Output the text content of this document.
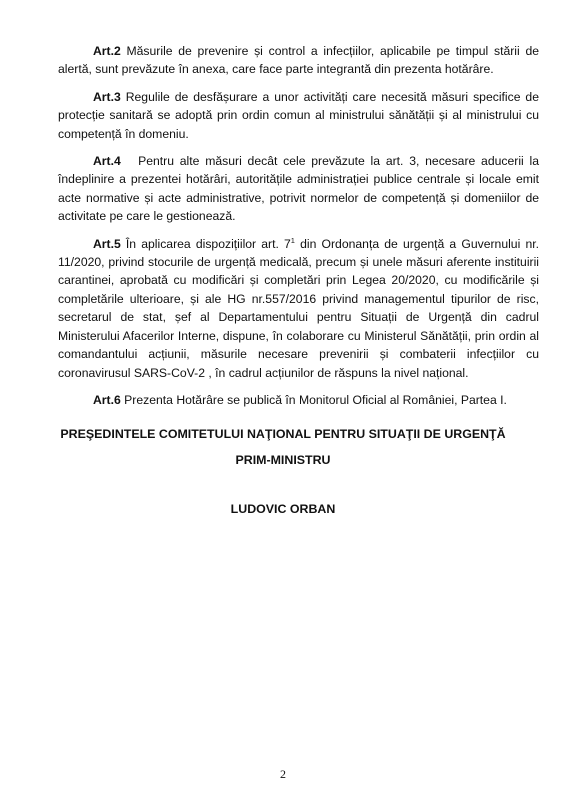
Art.2 Măsurile de prevenire și control a infecțiilor, aplicabile pe timpul stării de alertă, sunt prevăzute în anexa, care face parte integrantă din prezenta hotărâre.

Art.3 Regulile de desfășurare a unor activități care necesită măsuri specifice de protecție sanitară se adoptă prin ordin comun al ministrului sănătății și al ministrului cu competență în domeniu.

Art.4   Pentru alte măsuri decât cele prevăzute la art. 3, necesare aducerii la îndeplinire a prezentei hotărâri, autoritățile administrației publice centrale și locale emit acte normative și acte administrative, potrivit normelor de competență și domeniilor de activitate pe care le gestionează.

Art.5 În aplicarea dispozițiilor art. $7^1$ din Ordonanța de urgență a Guvernului nr. 11/2020, privind stocurile de urgență medicală, precum și unele măsuri aferente instituirii carantinei, aprobată cu modificări și completări prin Legea 20/2020, cu modificările și completările ulterioare, și ale HG nr.557/2016 privind managementul tipurilor de risc, secretarul de stat, șef al Departamentului pentru Situații de Urgență din cadrul Ministerului Afacerilor Interne, dispune, în colaborare cu Ministerul Sănătății, prin ordin al comandantului acțiunii, măsurile necesare prevenirii și combaterii infecțiilor cu coronavirusul SARS-CoV-2 , în cadrul acțiunilor de răspuns la nivel național.

Art.6 Prezenta Hotărâre se publică în Monitorul Oficial al României, Partea I.

PREŞEDINTELE COMITETULUI NAŢIONAL PENTRU SITUAŢII DE URGENŢĂ
PRIM-MINISTRU
LUDOVIC ORBAN
2
